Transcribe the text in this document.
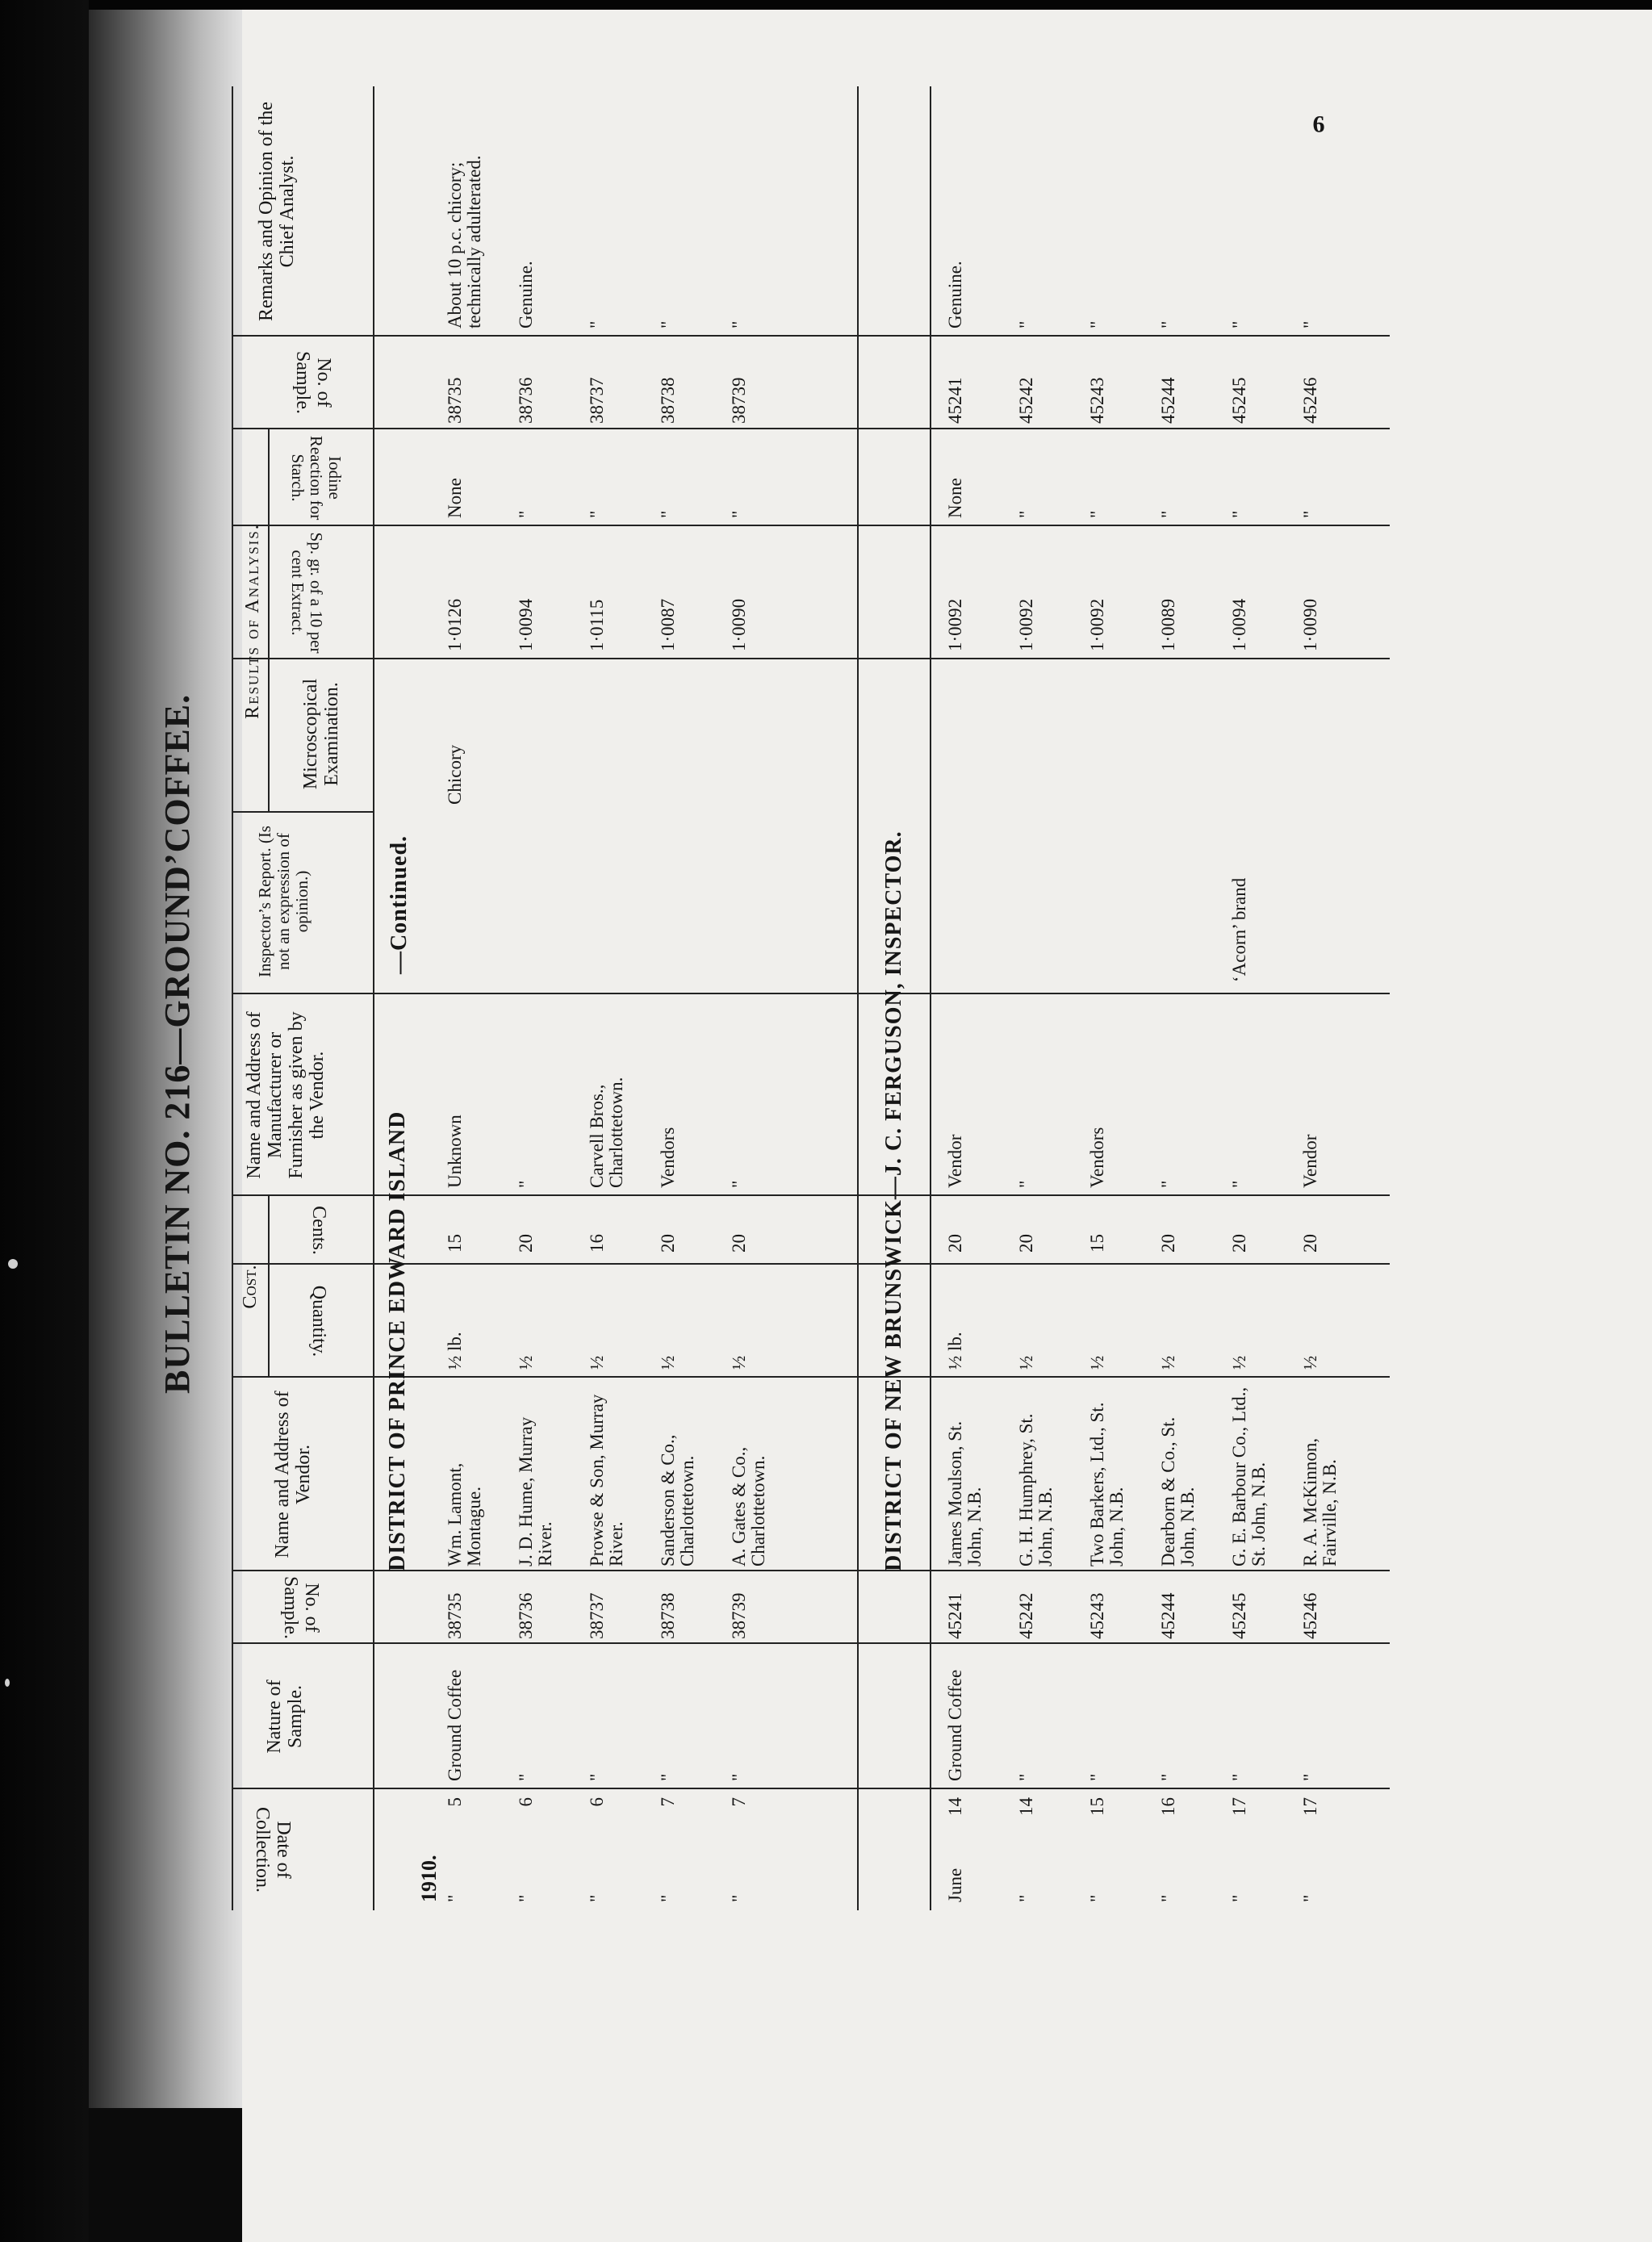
BULLETIN NO. 216—GROUND’COFFEE.
6
Date of Collection.
Nature of Sample.
No. of Sample.
Name and Address of Vendor.
Cost. Quantity.
Cents.
Name and Address of Manufacturer or Furnisher as given by the Vendor.
Inspector’s Report. (Is not an expression of opinion.)
Results of Analysis.
Microscopical Examination.
Sp. gr. of a 10 per cent Extract.
Iodine Reaction for Starch.
No. of Sample.
Remarks and Opinion of the Chief Analyst.
DISTRICT OF PRINCE EDWARD ISLAND
—Continued.
1910. "
5
Ground Coffee
38735
Wm. Lamont, Montague.
½ lb.
15
Unknown
Chicory
1·0126
None
38735
About 10 p.c. chicory; technically adulterated.
"
6
"
38736
J. D. Hume, Murray River.
½
20
"
1·0094
"
38736
Genuine.
"
6
"
38737
Prowse & Son, Murray River.
½
16
Carvell Bros., Charlottetown.
1·0115
"
38737
"
"
7
"
38738
Sanderson & Co., Charlottetown.
½
20
Vendors
1·0087
"
38738
"
"
7
"
38739
A. Gates & Co., Charlottetown.
½
20
"
1·0090
"
38739
"
DISTRICT OF NEW BRUNSWICK—J. C. FERGUSON, INSPECTOR.
June
14
Ground Coffee
45241
James Moulson, St. John, N.B.
½ lb.
20
Vendor
1·0092
None
45241
Genuine.
"
14
"
45242
G. H. Humphrey, St. John, N.B.
½
20
"
1·0092
"
45242
"
"
15
"
45243
Two Barkers, Ltd., St. John, N.B.
½
15
Vendors
1·0092
"
45243
"
"
16
"
45244
Dearborn & Co., St. John, N.B.
½
20
"
1·0089
"
45244
"
"
17
"
45245
G. E. Barbour Co., Ltd., St. John, N.B.
½
20
"
‘Acorn’ brand
1·0094
"
45245
"
"
17
"
45246
R. A. McKinnon, Fairville, N.B.
½
20
Vendor
1·0090
"
45246
"
